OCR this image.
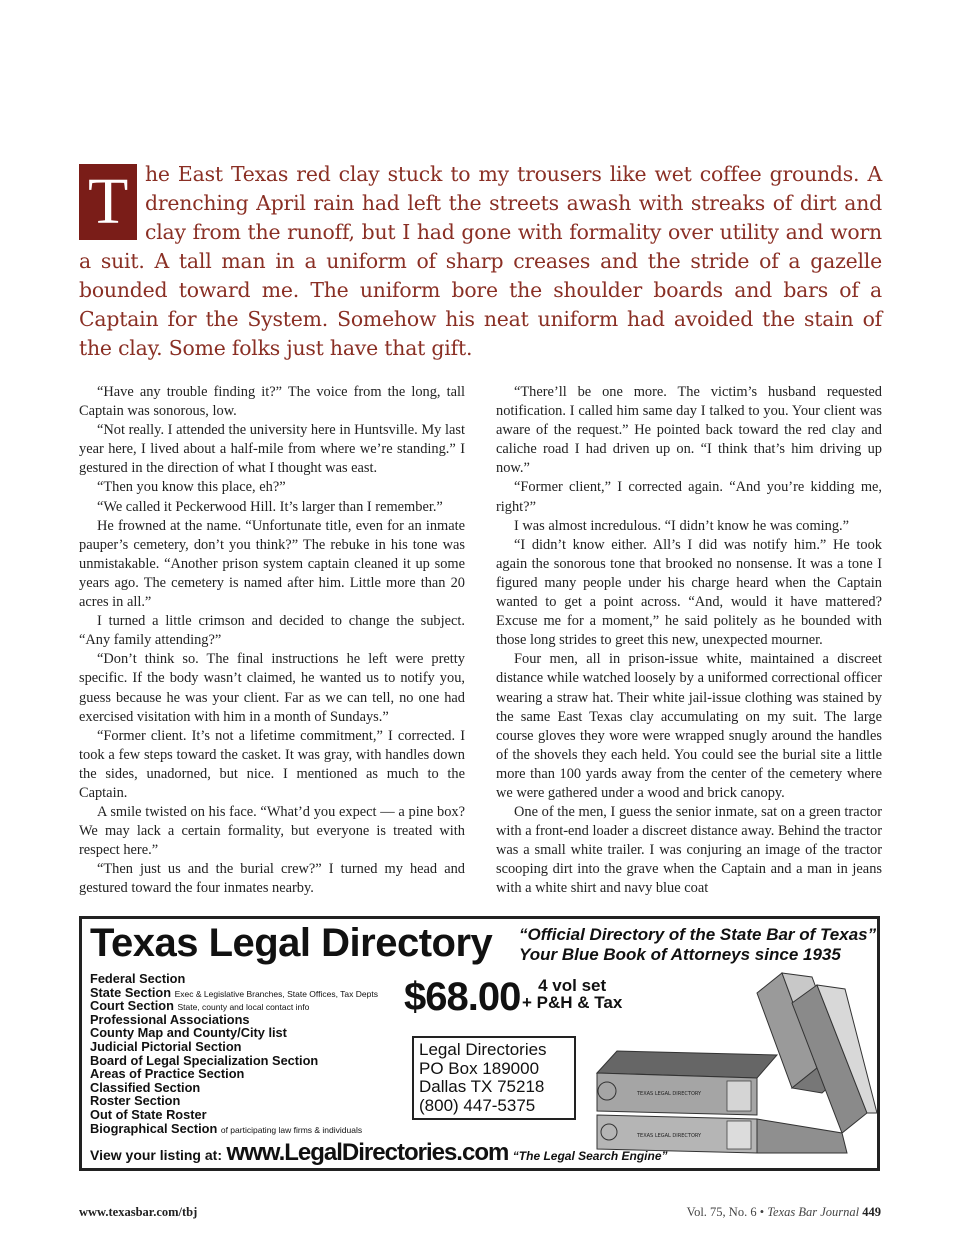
T he East Texas red clay stuck to my trousers like wet coffee grounds. A drenching April rain had left the streets awash with streaks of dirt and clay from the runoff, but I had gone with formality over utility and worn a suit. A tall man in a uniform of sharp creases and the stride of a gazelle bounded toward me. The uniform bore the shoulder boards and bars of a Captain for the System. Somehow his neat uniform had avoided the stain of the clay. Some folks just have that gift.

“Have any trouble finding it?” The voice from the long, tall Captain was sonorous, low.

“Not really. I attended the university here in Huntsville. My last year here, I lived about a half-mile from where we’re standing.” I gestured in the direction of what I thought was east.

“Then you know this place, eh?”

“We called it Peckerwood Hill. It’s larger than I remember.”

He frowned at the name. “Unfortunate title, even for an inmate pauper’s cemetery, don’t you think?” The rebuke in his tone was unmistakable. “Another prison system captain cleaned it up some years ago. The cemetery is named after him. Little more than 20 acres in all.”

I turned a little crimson and decided to change the subject. “Any family attending?”

“Don’t think so. The final instructions he left were pretty specific. If the body wasn’t claimed, he wanted us to notify you, guess because he was your client. Far as we can tell, no one had exercised visitation with him in a month of Sundays.”

“Former client. It’s not a lifetime commitment,” I corrected. I took a few steps toward the casket. It was gray, with handles down the sides, unadorned, but nice. I mentioned as much to the Captain.

A smile twisted on his face. “What’d you expect — a pine box? We may lack a certain formality, but everyone is treated with respect here.”

“Then just us and the burial crew?” I turned my head and gestured toward the four inmates nearby.

“There’ll be one more. The victim’s husband requested notification. I called him same day I talked to you. Your client was aware of the request.” He pointed back toward the red clay and caliche road I had driven up on. “I think that’s him driving up now.”

“Former client,” I corrected again. “And you’re kidding me, right?”

I was almost incredulous. “I didn’t know he was coming.”

“I didn’t know either. All’s I did was notify him.” He took again the sonorous tone that brooked no nonsense. It was a tone I figured many people under his charge heard when the Captain wanted to get a point across. “And, would it have mattered? Excuse me for a moment,” he said politely as he bounded with those long strides to greet this new, unexpected mourner.

Four men, all in prison-issue white, maintained a discreet distance while watched loosely by a uniformed correctional officer wearing a straw hat. Their white jail-issue clothing was stained by the same East Texas clay accumulating on my suit. The large course gloves they wore were wrapped snugly around the handles of the shovels they each held. You could see the burial site a little more than 100 yards away from the center of the cemetery where we were gathered under a wood and brick canopy.

One of the men, I guess the senior inmate, sat on a green tractor with a front-end loader a discreet distance away. Behind the tractor was a small white trailer. I was conjuring an image of the tractor scooping dirt into the grave when the Captain and a man in jeans with a white shirt and navy blue coat

Texas Legal Directory “Official Directory of the State Bar of Texas”
Your Blue Book of Attorneys since 1935
Federal Section
State Section Exec & Legislative Branches, State Offices, Tax Depts
Court Section State, county and local contact info
Professional Associations
County Map and County/City list
Judicial Pictorial Section
Board of Legal Specialization Section
Areas of Practice Section
Classified Section
Roster Section
Out of State Roster
Biographical Section of participating law firms & individuals
$68.00	4 vol set
+ P&H & Tax
Legal Directories
PO Box 189000
Dallas TX 75218
(800) 447-5375
TEXAS LEGAL DIRECTORY
TEXAS LEGAL DIRECTORY
View your listing at: www.LegalDirectories.com “The Legal Search Engine”
www.texasbar.com/tbj	Vol. 75, No. 6 • Texas Bar Journal 449
